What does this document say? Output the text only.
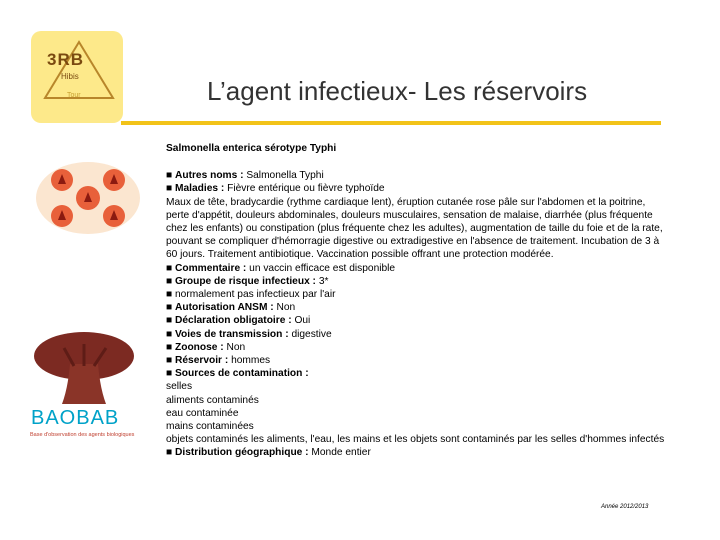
3RB
Hibis
Tour	L’agent infectieux- Les réservoirs
BAOBAB
Base d'observation des agents biologiques
Salmonella enterica sérotype Typhi
■ Autres noms : Salmonella Typhi
■ Maladies : Fièvre entérique ou fièvre typhoïde
Maux de tête, bradycardie (rythme cardiaque lent), éruption cutanée rose pâle sur l'abdomen et la poitrine, perte d'appétit, douleurs abdominales, douleurs musculaires, sensation de malaise, diarrhée (plus fréquente chez les enfants) ou constipation (plus fréquente chez les adultes), augmentation de taille du foie et de la rate, pouvant se compliquer d'hémorragie digestive ou extradigestive en l'absence de traitement. Incubation de 3 à 60 jours. Traitement antibiotique. Vaccination possible offrant une protection modérée.
■ Commentaire : un vaccin efficace est disponible
■ Groupe de risque infectieux : 3*
■ normalement pas infectieux par l'air
■ Autorisation ANSM : Non
■ Déclaration obligatoire : Oui
■ Voies de transmission : digestive
■ Zoonose : Non
■ Réservoir : hommes
■ Sources de contamination :
selles
aliments contaminés
eau contaminée
mains contaminées
objets contaminés les aliments, l'eau, les mains et les objets sont contaminés par les selles d'hommes infectés
■ Distribution géographique : Monde entier
Année 2012/2013
